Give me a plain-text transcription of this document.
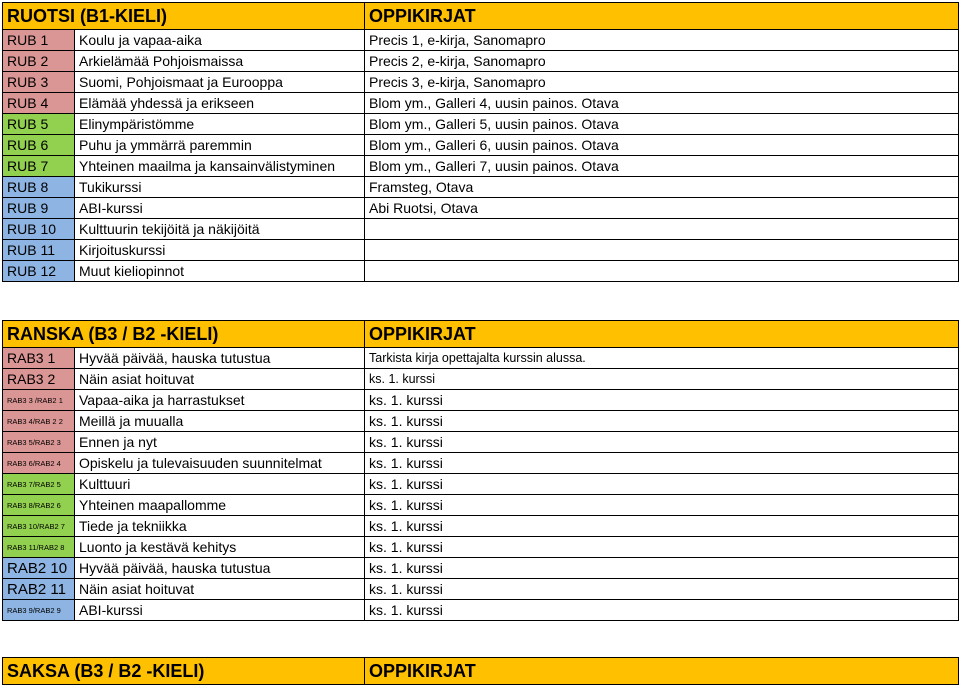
RUOTSI (B1-KIELI)		OPPIKIRJAT
RUB 1	Koulu ja vapaa-aika	Precis 1, e-kirja, Sanomapro
RUB 2	Arkielämää Pohjoismaissa	Precis 2, e-kirja, Sanomapro
RUB 3	Suomi, Pohjoismaat ja Eurooppa	Precis 3, e-kirja, Sanomapro
RUB 4	Elämää yhdessä ja erikseen	Blom ym., Galleri 4, uusin painos. Otava
RUB 5	Elinympäristömme	Blom ym., Galleri 5, uusin painos. Otava
RUB 6	Puhu ja ymmärrä paremmin	Blom ym., Galleri 6, uusin painos. Otava
RUB 7	Yhteinen maailma ja kansainvälistyminen	Blom ym., Galleri 7, uusin painos. Otava
RUB 8	Tukikurssi	Framsteg, Otava
RUB 9	ABI-kurssi	Abi Ruotsi, Otava
RUB 10	Kulttuurin tekijöitä ja näkijöitä	
RUB 11	Kirjoituskurssi	
RUB 12	Muut kieliopinnot	
RANSKA (B3 / B2 -KIELI)		OPPIKIRJAT
RAB3 1	Hyvää päivää, hauska tutustua	Tarkista kirja opettajalta kurssin alussa.
RAB3 2	Näin asiat hoituvat	ks. 1. kurssi
RAB3 3 /RAB2 1	Vapaa-aika ja harrastukset	ks. 1. kurssi
RAB3 4/RAB 2 2	Meillä ja muualla	ks. 1. kurssi
RAB3 5/RAB2 3	Ennen ja nyt	ks. 1. kurssi
RAB3 6/RAB2 4	Opiskelu ja tulevaisuuden suunnitelmat	ks. 1. kurssi
RAB3 7/RAB2 5	Kulttuuri	ks. 1. kurssi
RAB3 8/RAB2 6	Yhteinen maapallomme	ks. 1. kurssi
RAB3 10/RAB2 7	Tiede ja tekniikka	ks. 1. kurssi
RAB3 11/RAB2 8	Luonto ja kestävä kehitys	ks. 1. kurssi
RAB2 10	Hyvää päivää, hauska tutustua	ks. 1. kurssi
RAB2 11	Näin asiat hoituvat	ks. 1. kurssi
RAB3 9/RAB2 9	ABI-kurssi	ks. 1. kurssi
SAKSA (B3 / B2 -KIELI)	OPPIKIRJAT
